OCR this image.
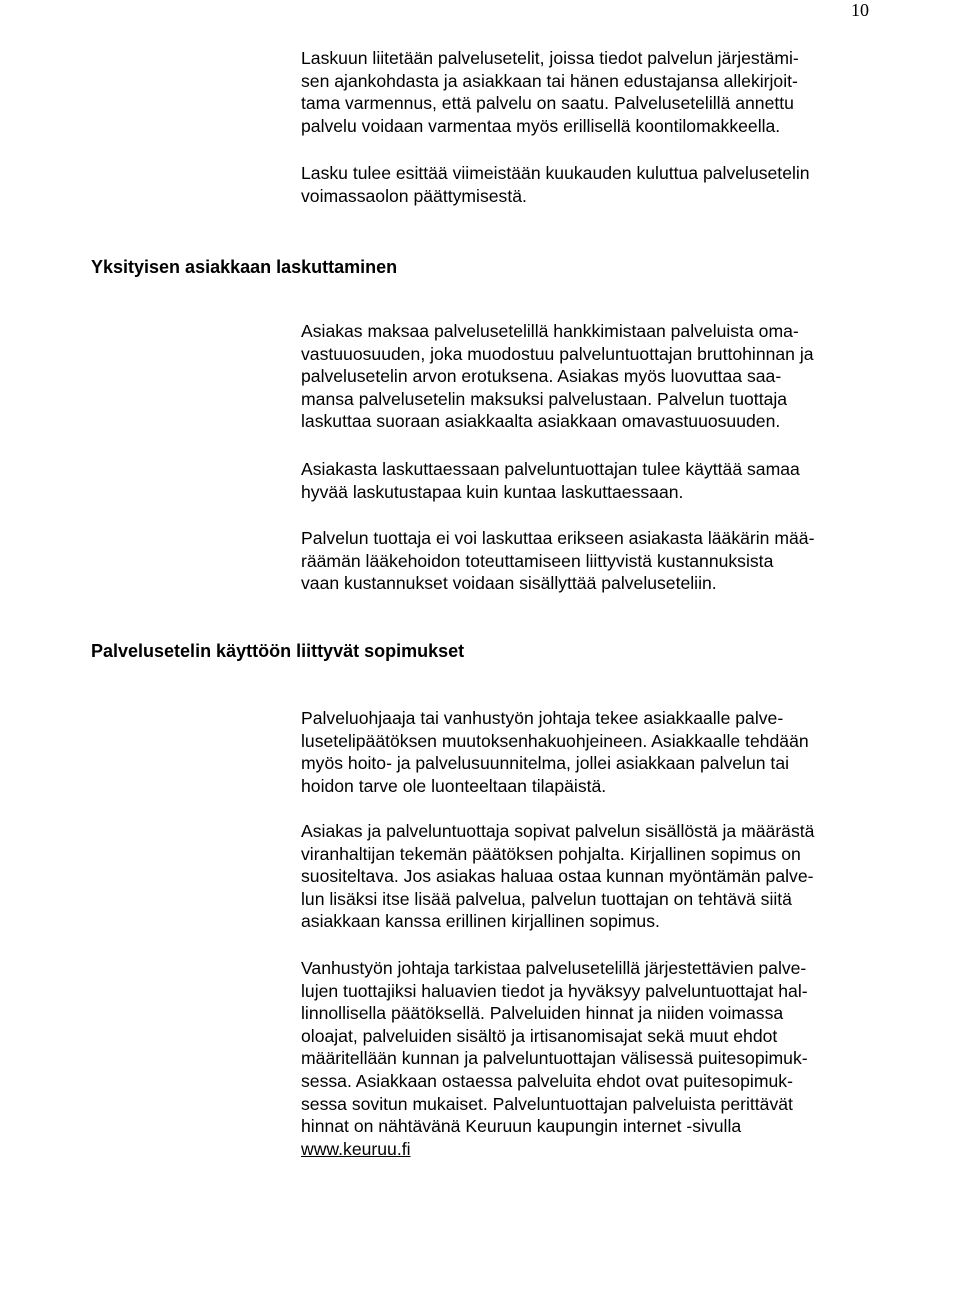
10
Laskuun liitetään palvelusetelit, joissa tiedot palvelun järjestämi-
sen ajankohdasta ja asiakkaan tai hänen edustajansa allekirjoit-
tama varmennus, että palvelu on saatu. Palvelusetelillä annettu
palvelu voidaan varmentaa myös erillisellä koontilomakkeella.
Lasku tulee esittää viimeistään kuukauden kuluttua palvelusetelin
voimassaolon päättymisestä.
Yksityisen asiakkaan laskuttaminen
Asiakas maksaa palvelusetelillä hankkimistaan palveluista oma-
vastuuosuuden, joka muodostuu palveluntuottajan bruttohinnan ja
palvelusetelin arvon erotuksena. Asiakas myös luovuttaa saa-
mansa palvelusetelin maksuksi palvelustaan. Palvelun tuottaja
laskuttaa suoraan asiakkaalta asiakkaan omavastuuosuuden.
Asiakasta laskuttaessaan palveluntuottajan tulee käyttää samaa
hyvää laskutustapaa kuin kuntaa laskuttaessaan.
Palvelun tuottaja ei voi laskuttaa erikseen asiakasta lääkärin mää-
räämän lääkehoidon toteuttamiseen liittyvistä kustannuksista
vaan kustannukset voidaan sisällyttää palveluseteliin.
Palvelusetelin käyttöön liittyvät sopimukset
Palveluohjaaja tai vanhustyön johtaja tekee asiakkaalle palve-
lusetelipäätöksen muutoksenhakuohjeineen. Asiakkaalle tehdään
myös hoito- ja palvelusuunnitelma, jollei asiakkaan palvelun tai
hoidon tarve ole luonteeltaan tilapäistä.
Asiakas ja palveluntuottaja sopivat palvelun sisällöstä ja määrästä
viranhaltijan tekemän päätöksen pohjalta. Kirjallinen sopimus on
suositeltava. Jos asiakas haluaa ostaa kunnan myöntämän palve-
lun lisäksi itse lisää palvelua, palvelun tuottajan on tehtävä siitä
asiakkaan kanssa erillinen kirjallinen sopimus.
Vanhustyön johtaja tarkistaa palvelusetelillä järjestettävien palve-
lujen tuottajiksi haluavien tiedot ja hyväksyy palveluntuottajat hal-
linnollisella päätöksellä. Palveluiden hinnat ja niiden voimassa
oloajat, palveluiden sisältö ja irtisanomisajat sekä muut ehdot
määritellään kunnan ja palveluntuottajan välisessä puitesopimuk-
sessa. Asiakkaan ostaessa palveluita ehdot ovat puitesopimuk-
sessa sovitun mukaiset. Palveluntuottajan palveluista perittävät
hinnat on nähtävänä Keuruun kaupungin internet -sivulla
www.keuruu.fi
